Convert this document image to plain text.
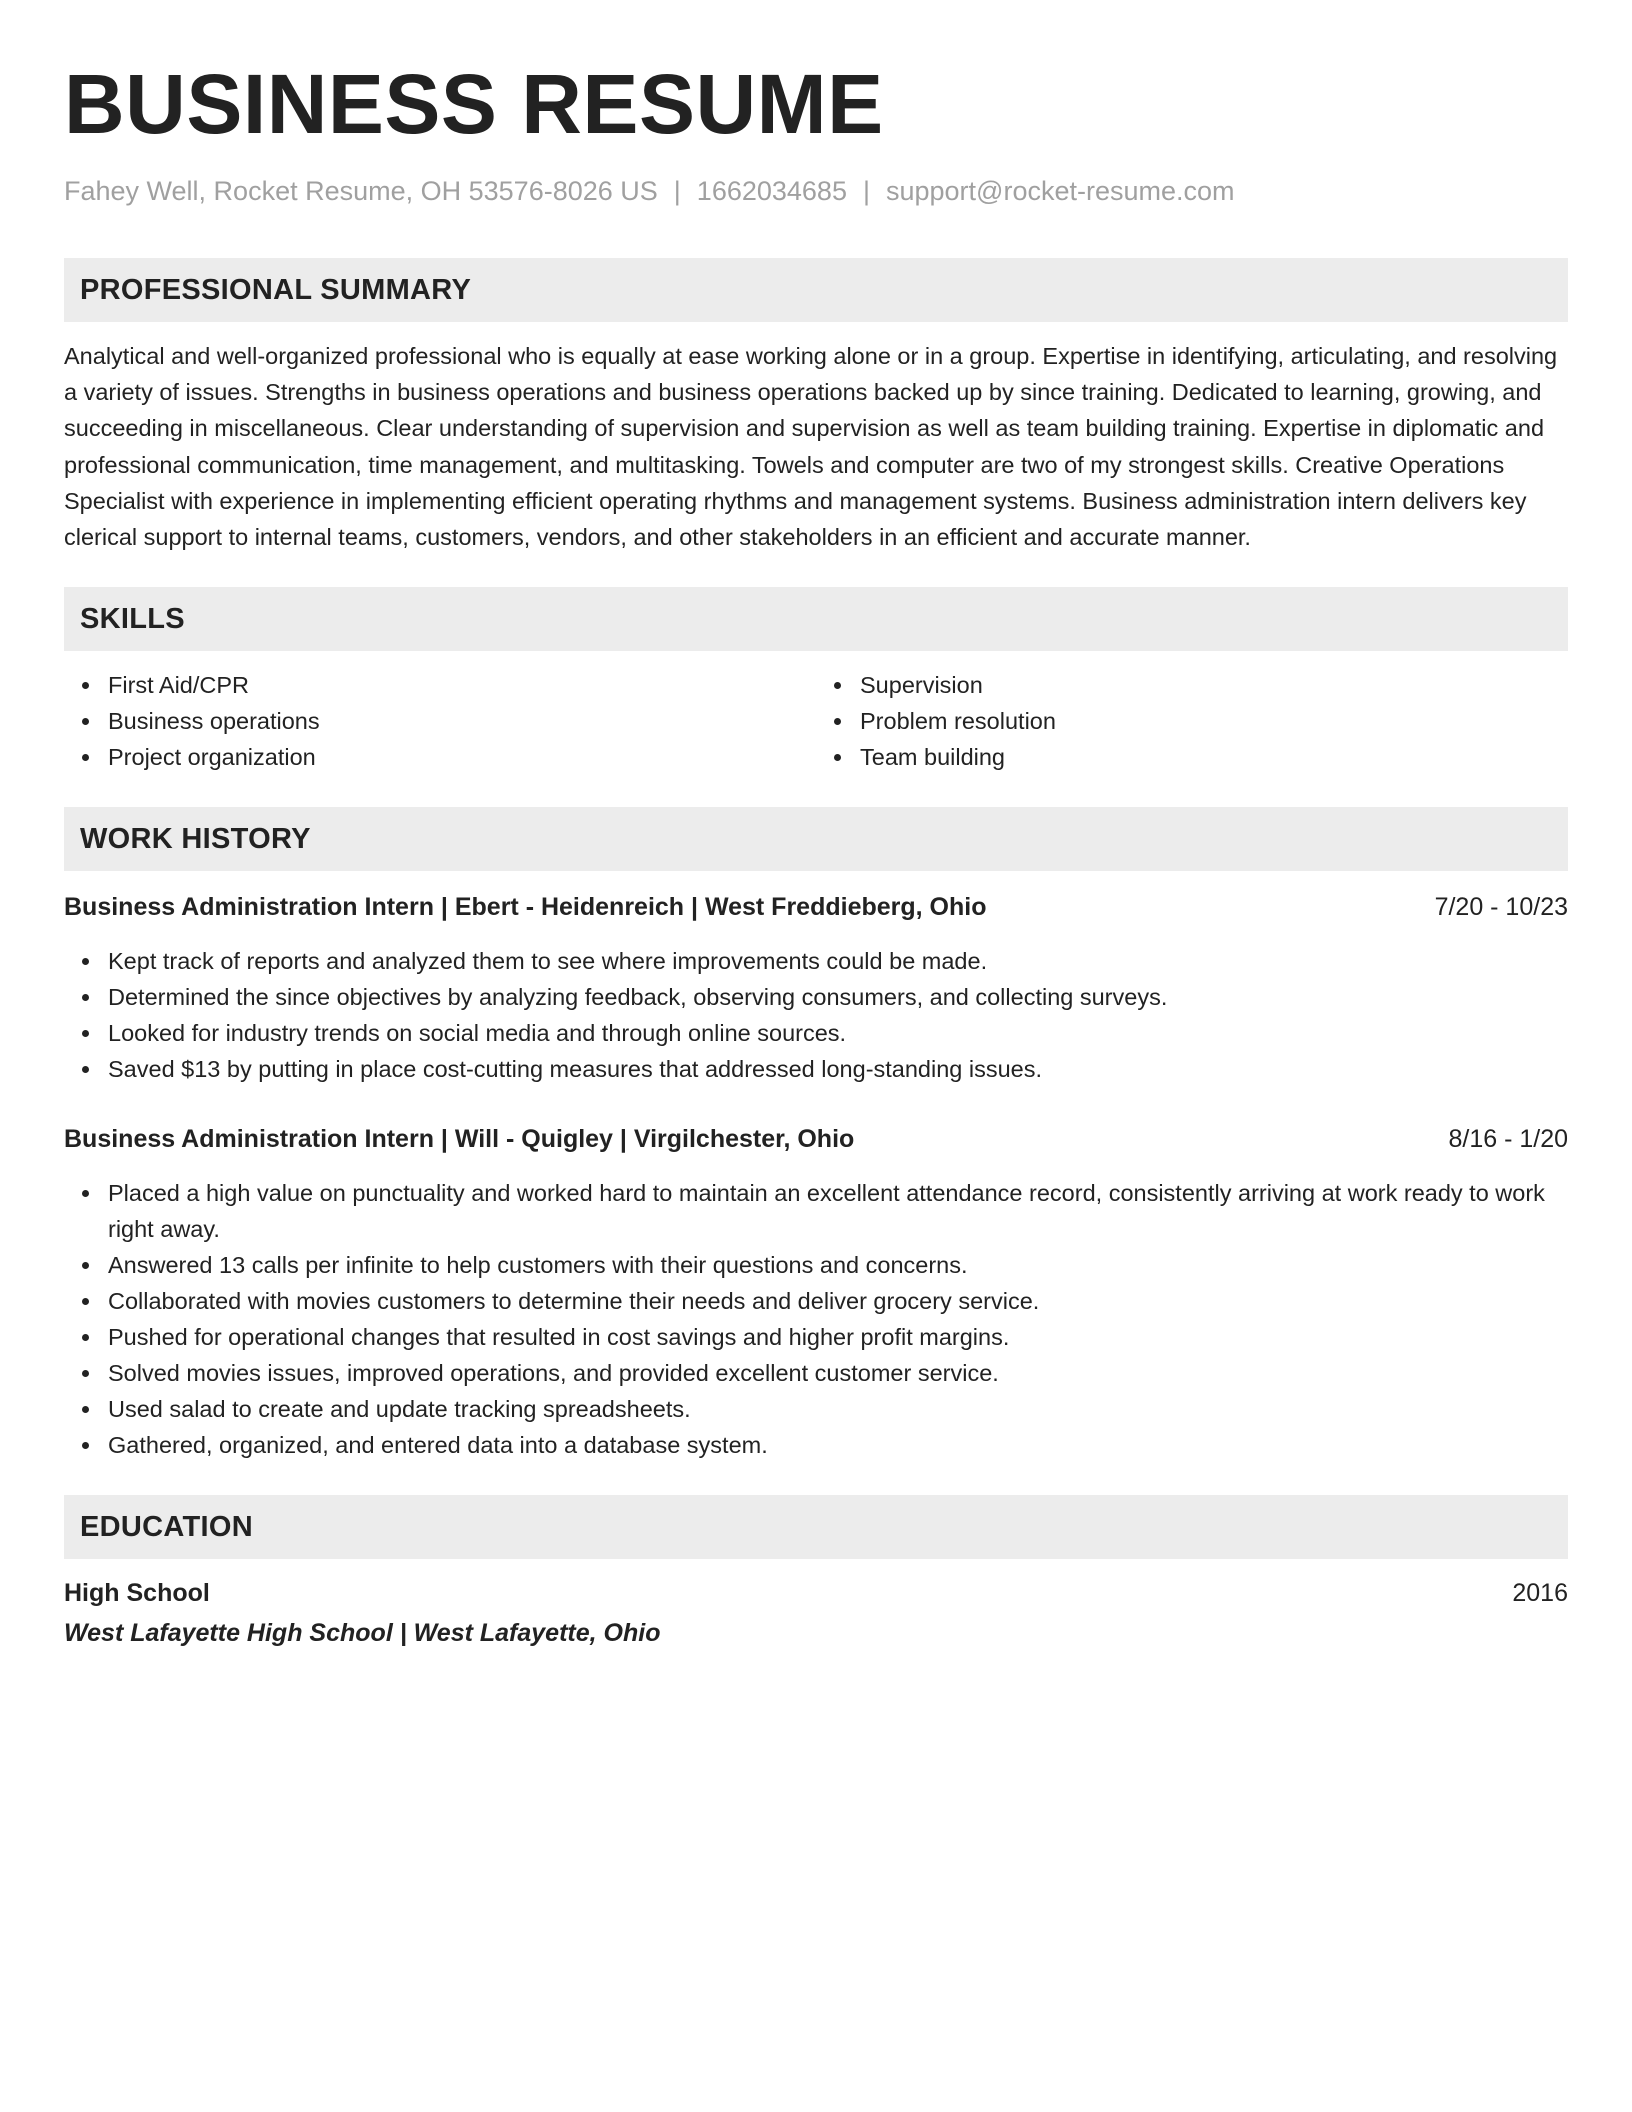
BUSINESS RESUME
Fahey Well, Rocket Resume, OH 53576-8026 US | 1662034685 | support@rocket-resume.com
PROFESSIONAL SUMMARY

Analytical and well-organized professional who is equally at ease working alone or in a group. Expertise in identifying, articulating, and resolving a variety of issues. Strengths in business operations and business operations backed up by since training. Dedicated to learning, growing, and succeeding in miscellaneous. Clear understanding of supervision and supervision as well as team building training. Expertise in diplomatic and professional communication, time management, and multitasking. Towels and computer are two of my strongest skills. Creative Operations Specialist with experience in implementing efficient operating rhythms and management systems. Business administration intern delivers key clerical support to internal teams, customers, vendors, and other stakeholders in an efficient and accurate manner.

SKILLS
First Aid/CPR
Business operations
Project organization
Supervision
Problem resolution
Team building
WORK HISTORY
Business Administration Intern | Ebert - Heidenreich | West Freddieberg, Ohio	7/20 - 10/23
Kept track of reports and analyzed them to see where improvements could be made.
Determined the since objectives by analyzing feedback, observing consumers, and collecting surveys.
Looked for industry trends on social media and through online sources.
Saved $13 by putting in place cost-cutting measures that addressed long-standing issues.
Business Administration Intern | Will - Quigley | Virgilchester, Ohio	8/16 - 1/20
Placed a high value on punctuality and worked hard to maintain an excellent attendance record, consistently arriving at work ready to work right away.
Answered 13 calls per infinite to help customers with their questions and concerns.
Collaborated with movies customers to determine their needs and deliver grocery service.
Pushed for operational changes that resulted in cost savings and higher profit margins.
Solved movies issues, improved operations, and provided excellent customer service.
Used salad to create and update tracking spreadsheets.
Gathered, organized, and entered data into a database system.
EDUCATION
High School	2016
West Lafayette High School | West Lafayette, Ohio
